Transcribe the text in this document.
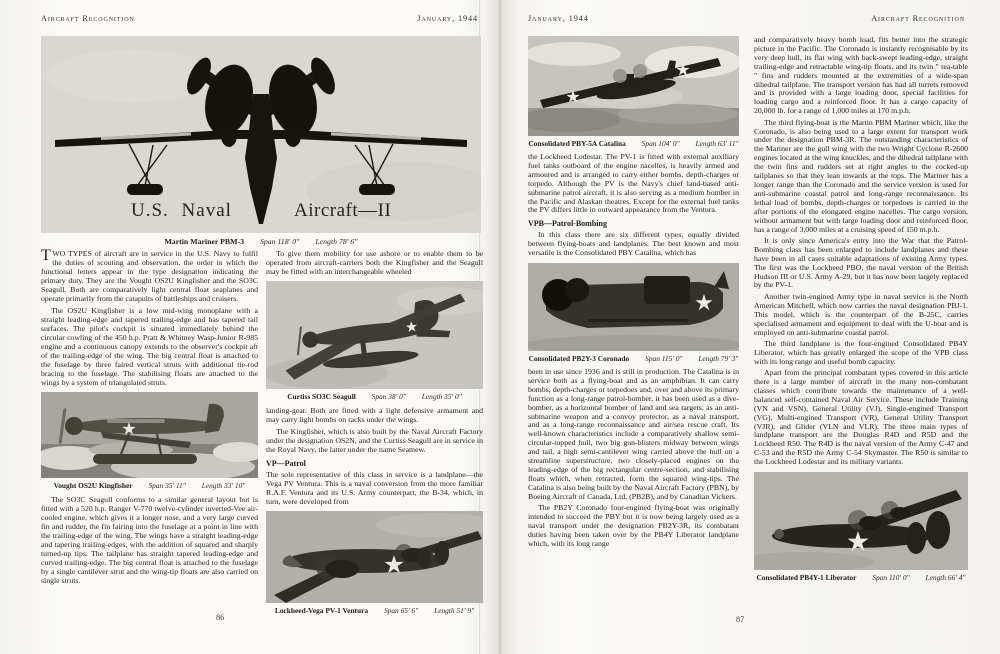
Aircraft Recognition	January, 1944
U.S. Naval	Aircraft—II
Martin Mariner PBM-3 Span 118' 0" Length 78' 6"

TWO TYPES of aircraft are in service in the U.S. Navy to fulfil the duties of scouting and observation, the order in which the functional letters appear in the type designation indicating the primary duty. They are the Vought OS2U Kingfisher and the SO3C Seagull. Both are comparatively light central float seaplanes and operate primarily from the catapults of battleships and cruisers.

The OS2U Kingfisher is a low mid-wing monoplane with a straight leading-edge and tapered trailing-edge and has tapered tail surfaces. The pilot's cockpit is situated immediately behind the circular cowling of the 450 h.p. Pratt & Whitney Wasp-Junior R-985 engine and a continuous canopy extends to the observer's cockpit aft of the trailing-edge of the wing. The big central float is attached to the fuselage by three faired vertical struts with additional tie-rod bracing to the fuselage. The stabilising floats are attached to the wings by a system of triangulated struts.

Vought OS2U Kingfisher Span 35' 11" Length 33' 10"

The SO3C Seagull conforms to a similar general layout but is fitted with a 520 h.p. Ranger V-770 twelve-cylinder inverted-Vee air-cooled engine, which gives it a longer nose, and a very large curved fin and rudder, the fin fairing into the fuselage at a point in line with the trailing-edge of the wing. The wings have a straight leading-edge and tapering trailing-edges, with the addition of squared and sharply turned-up tips. The tailplane has straight tapered leading-edge and curved trailing-edge. The big central float is attached to the fuselage by a single cantilever strut and the wing-tip floats are also carried on single struts.

To give them mobility for use ashore or to enable them to be operated from aircraft-carriers both the Kingfisher and the Seagull may be fitted with an interchangeable wheeled

Curtiss SO3C Seagull Span 38' 0" Length 35' 0"

landing-gear. Both are fitted with a light defensive armament and may carry light bombs on racks under the wings.

The Kingfisher, which is also built by the Naval Aircraft Factory under the designation OS2N, and the Curtiss Seagull are in service in the Royal Navy, the latter under the name Seamew.

VP—Patrol

The sole representative of this class in service is a landplane—the Vega PV Ventura. This is a naval conversion from the more familiar R.A.F. Ventura and its U.S. Army counterpart, the B-34, which, in turn, were developed from

Lockheed-Vega PV-1 Ventura Span 65' 6" Length 51' 9"
86
January, 1944	Aircraft Recognition
Consolidated PBY-5A Catalina Span 104' 0" Length 63' 11"

the Lockheed Lodestar. The PV-1 is fitted with external auxiliary fuel tanks outboard of the engine nacelles, is heavily armed and armoured and is arranged to carry either bombs, depth-charges or torpedo. Although the PV is the Navy's chief land-based anti-submarine patrol aircraft, it is also serving as a medium bomber in the Pacific and Alaskan theatres. Except for the external fuel tanks the PV differs little in outward appearance from the Ventura.

VPB—Patrol-Bombing

In this class there are six different types, equally divided between flying-boats and landplanes. The best known and most versatile is the Consolidated PBY Catalina, which has

Consolidated PB2Y-3 Coronado Span 115' 0" Length 79' 3"

been in use since 1936 and is still in production. The Catalina is in service both as a flying-boat and as an amphibian. It can carry bombs, depth-charges or torpedoes and, over and above its primary function as a long-range patrol-bomber, it has been used as a dive-bomber, as a horizontal bomber of land and sea targets, as an anti-submarine weapon and a convoy protector, as a naval transport, and as a long-range reconnaissance and air/sea rescue craft. Its well-known characteristics include a comparatively shallow semi-circular-topped hull, two big gun-blisters midway between wings and tail, a high semi-cantilever wing carried above the hull on a streamline superstructure, two closely-placed engines on the leading-edge of the big rectangular centre-section, and stabilising floats which, when retracted, form the squared wing-tips. The Catalina is also being built by the Naval Aircraft Factory (PBN), by Boeing Aircraft of Canada, Ltd. (PB2B), and by Canadian Vickers.

The PB2Y Coronado four-engined flying-boat was originally intended to succeed the PBY but it is now being largely used as a naval transport under the designation PB2Y-3R, its combatant duties having been taken over by the PB4Y Liberator landplane which, with its long range

and comparatively heavy bomb load, fits better into the strategic picture in the Pacific. The Coronado is instantly recognisable by its very deep hull, its flat wing with back-swept leading-edge, straight trailing-edge and retractable wing-tip floats, and its twin " tea-table " fins and rudders mounted at the extremities of a wide-span dihedral tailplane. The transport version has had all turrets removed and is provided with a large loading door, special facilities for loading cargo and a reinforced floor. It has a cargo capacity of 20,000 lb. for a range of 1,000 miles at 170 m.p.h.

The third flying-boat is the Martin PBM Mariner which, like the Coronado, is also being used to a large extent for transport work under the designation PBM-3R. The outstanding characteristics of the Mariner are the gull wing with the two Wright Cyclone R-2600 engines located at the wing knuckles, and the dihedral tailplane with the twin fins and rudders set at right angles to the cocked-up tailplanes so that they lean inwards at the tops. The Mariner has a longer range than the Coronado and the service version is used for anti-submarine coastal patrol and long-range reconnaissance. Its lethal load of bombs, depth-charges or torpedoes is carried in the after portions of the elongated engine nacelles. The cargo version, without armament but with large loading door and reinforced floor, has a range of 3,000 miles at a cruising speed of 150 m.p.h.

It is only since America's entry into the War that the Patrol-Bombing class has been enlarged to include landplanes and these have been in all cases suitable adaptations of existing Army types. The first was the Lockheed PBO, the naval version of the British Hudson III or U.S. Army A-29, but it has now been largely replaced by the PV-1.

Another twin-engined Army type in naval service is the North American Mitchell, which now carries the naval designation PBJ-1. This model, which is the counterpart of the B-25C, carries specialised armament and equipment to deal with the U-boat and is employed on anti-submarine coastal patrol.

The third landplane is the four-engined Consolidated PB4Y Liberator, which has greatly enlarged the scope of the VPB class with its long range and useful bomb capacity.

Apart from the principal combatant types covered in this article there is a large number of aircraft in the many non-combatant classes which contribute towards the maintenance of a well-balanced self-contained Naval Air Service. These include Training (VN and VSN), General Utility (VJ), Single-engined Transport (VG), Multi-engined Transport (VR), General Utility Transport (VJR), and Glider (VLN and VLR). The three main types of landplane transport are the Douglas R4D and R5D and the Lockheed R50. The R4D is the naval version of the Army C-47 and C-53 and the R5D the Army C-54 Skymaster. The R50 is similar to the Lockheed Lodestar and its military variants.

Consolidated PB4Y-1 Liberator Span 110' 0" Length 66' 4"
87
